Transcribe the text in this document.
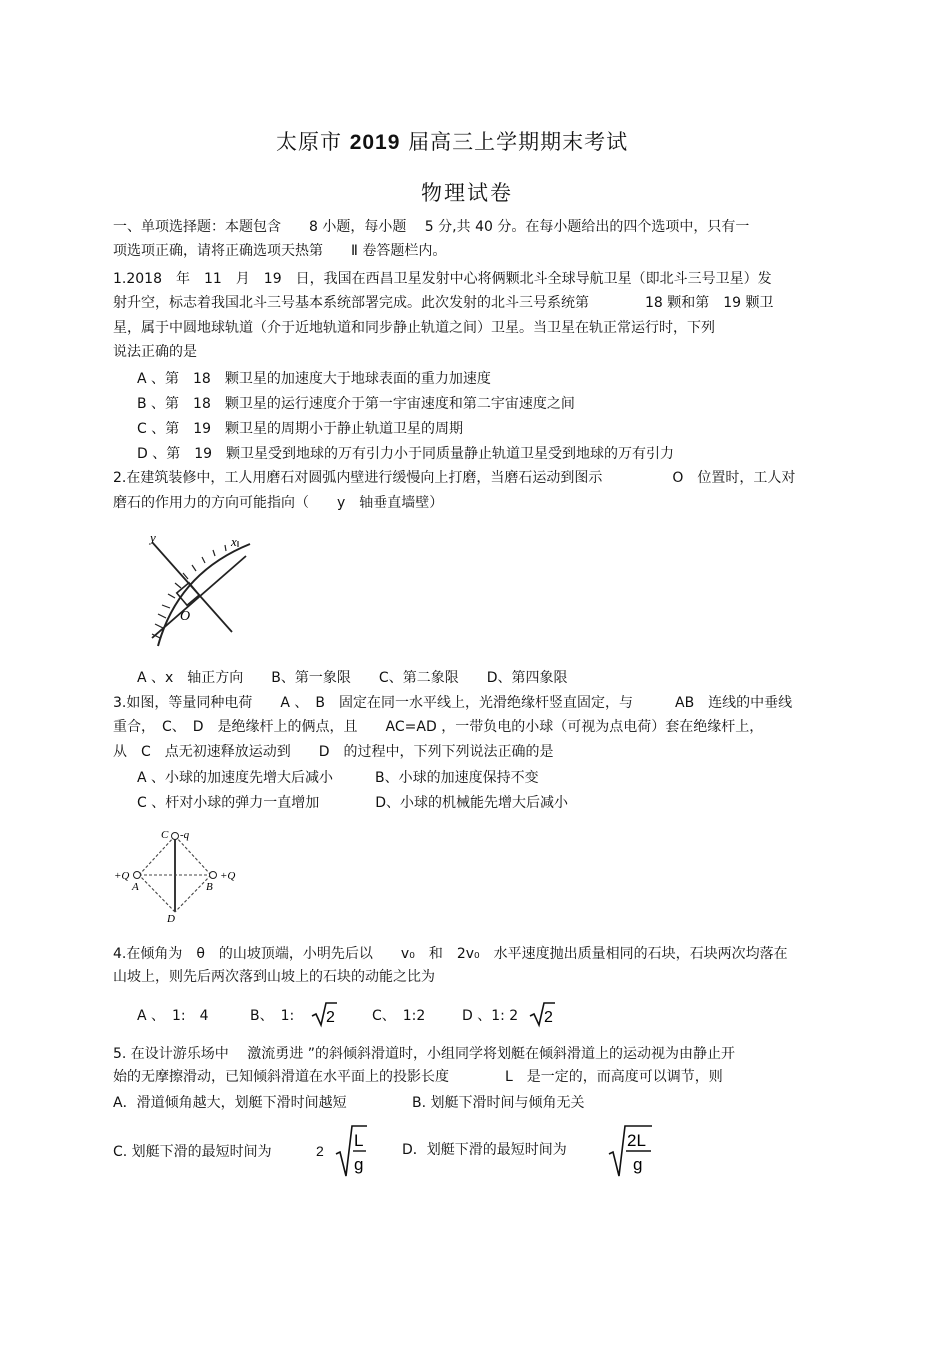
太原市 2019 届高三上学期期末考试
物理试卷
一、单项选择题：本题包含　　8 小题，每小题　 5 分,共 40 分。在每小题给出的四个选项中，只有一
项选项正确，请将正确选项天热第　　Ⅱ 卷答题栏内。
1.2018　年　11　月　19　日，我国在西昌卫星发射中心将俩颗北斗全球导航卫星（即北斗三号卫星）发
射升空，标志着我国北斗三号基本系统部署完成。此次发射的北斗三号系统第　　　　18 颗和第　19 颗卫
星，属于中圆地球轨道（介于近地轨道和同步静止轨道之间）卫星。当卫星在轨正常运行时，下列
说法正确的是
A 、第　18　颗卫星的加速度大于地球表面的重力加速度
B 、第　18　颗卫星的运行速度介于第一宇宙速度和第二宇宙速度之间
C 、第　19　颗卫星的周期小于静止轨道卫星的周期
D 、第　19　颗卫星受到地球的万有引力小于同质量静止轨道卫星受到地球的万有引力
2.在建筑装修中，工人用磨石对圆弧内壁进行缓慢向上打磨，当磨石运动到图示　　　　　O　位置时，工人对
磨石的作用力的方向可能指向（　　y　轴垂直墙壁）
y	x
O
A 、x　轴正方向　　B、第一象限　　C、第二象限　　D、第四象限
3.如图，等量同种电荷　　A 、　B　固定在同一水平线上，光滑绝缘杆竖直固定，与　　　AB　连线的中垂线
重合，　C、　D　是绝缘杆上的俩点，且　　AC=AD ，一带负电的小球（可视为点电荷）套在绝缘杆上，
从　C　点无初速释放运动到　　D　的过程中，下列下列说法正确的是
A 、小球的加速度先增大后减小　　　B、小球的加速度保持不变
C 、杆对小球的弹力一直增加　　　　D、小球的机械能先增大后减小
C -q
+Q
A
+Q
B
D
4.在倾角为　θ　的山坡顶端，小明先后以　　v₀　和　2v₀　水平速度抛出质量相同的石块，石块两次均落在
山坡上，则先后两次落到山坡上的石块的动能之比为
A 、　1:　4	B、　1: 2	C、　1:2	D 、1: 2 2
5. 在设计游乐场中　 激流勇进 ”的斜倾斜滑道时，小组同学将划艇在倾斜滑道上的运动视为由静止开
始的无摩擦滑动，已知倾斜滑道在水平面上的投影长度　　　　L　是一定的，而高度可以调节，则
A．滑道倾角越大，划艇下滑时间越短	B. 划艇下滑时间与倾角无关
C. 划艇下滑的最短时间为	2
L
g
D．划艇下滑的最短时间为	2L
g
